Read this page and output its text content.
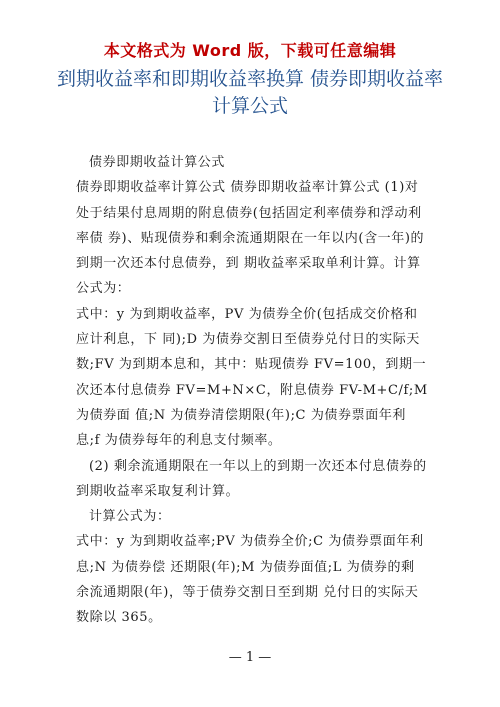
本文格式为 Word 版，下载可任意编辑
到期收益率和即期收益率换算 债券即期收益率计算公式

债券即期收益计算公式

债券即期收益率计算公式 债券即期收益率计算公式 (1)对处于结果付息周期的附息债券(包括固定利率债券和浮动利率债 券)、贴现债券和剩余流通期限在一年以内(含一年)的到期一次还本付息债券，到 期收益率采取单利计算。计算公式为：

式中：y 为到期收益率，PV 为债券全价(包括成交价格和应计利息，下 同);D 为债券交割日至债券兑付日的实际天数;FV 为到期本息和，其中：贴现债券 FV=100，到期一次还本付息债券 FV=M+N×C，附息债券 FV-M+C/f;M 为债券面 值;N 为债券清偿期限(年);C 为债券票面年利息;f 为债券每年的利息支付频率。

(2) 剩余流通期限在一年以上的到期一次还本付息债券的到期收益率采取复利计算。

计算公式为：

式中：y 为到期收益率;PV 为债券全价;C 为债券票面年利息;N 为债券偿 还期限(年);M 为债券面值;L 为债券的剩余流通期限(年)，等于债券交割日至到期 兑付日的实际天数除以 365。

— 1 —
